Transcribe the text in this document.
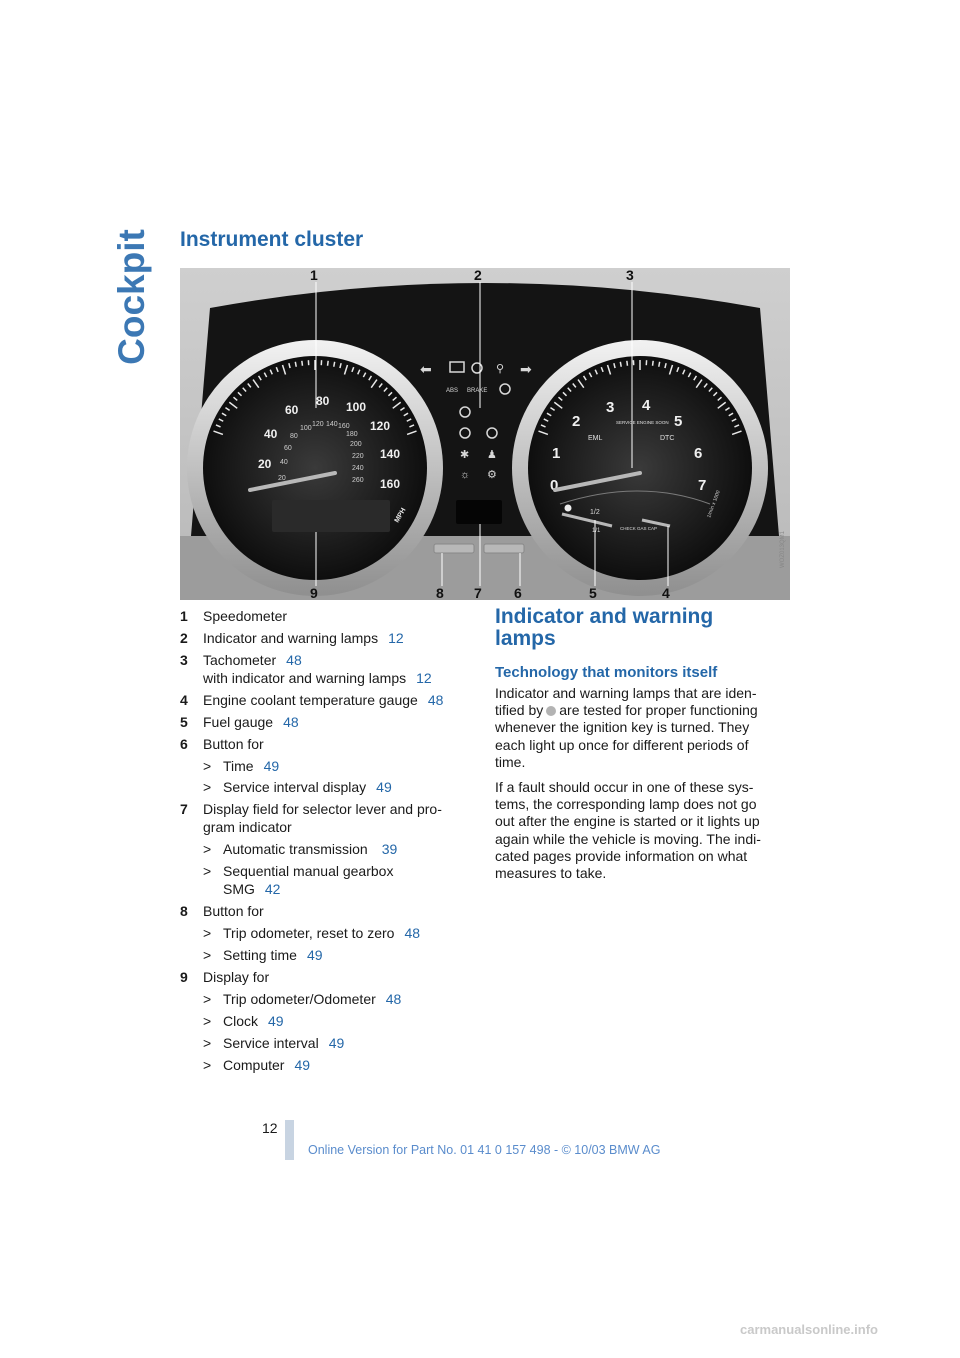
Cockpit Instrument cluster
20
40
60
80 100
120
140
160
20
40
60
80
100
120 140 160
180
200
220
240
260
MPH
0
1
2
3 4
5
6
7
EML	DTC
SERVICE ENGINE SOON
1/min x 1000
1/2
1/1	CHECK GAS CAP
⬅	⚲ ➡
ABS BRAKE
✱ ♟
☼ ⚙
1	2	3
4
5
6
7
8
9
WOZ013QM1
1	Speedometer
2	Indicator and warning lamps 12
3	Tachometer 48
with indicator and warning lamps 12
4	Engine coolant temperature gauge 48
5	Fuel gauge 48
6	Button for
> Time 49
> Service interval display 49
7	Display field for selector lever and pro-
gram indicator
> Automatic transmission 39
> Sequential manual gearbox
SMG 42
8	Button for
> Trip odometer, reset to zero 48
> Setting time 49
9	Display for
> Trip odometer/Odometer 48
> Clock 49
> Service interval 49
> Computer 49
Indicator and warning
lamps
Technology that monitors itself

Indicator and warning lamps that are iden-
tified by are tested for proper functioning
whenever the ignition key is turned. They
each light up once for different periods of
time.

If a fault should occur in one of these sys-
tems, the corresponding lamp does not go
out after the engine is started or it lights up
again while the vehicle is moving. The indi-
cated pages provide information on what
measures to take.

12
Online Version for Part No. 01 41 0 157 498 - © 10/03 BMW AG
carmanualsonline.info
